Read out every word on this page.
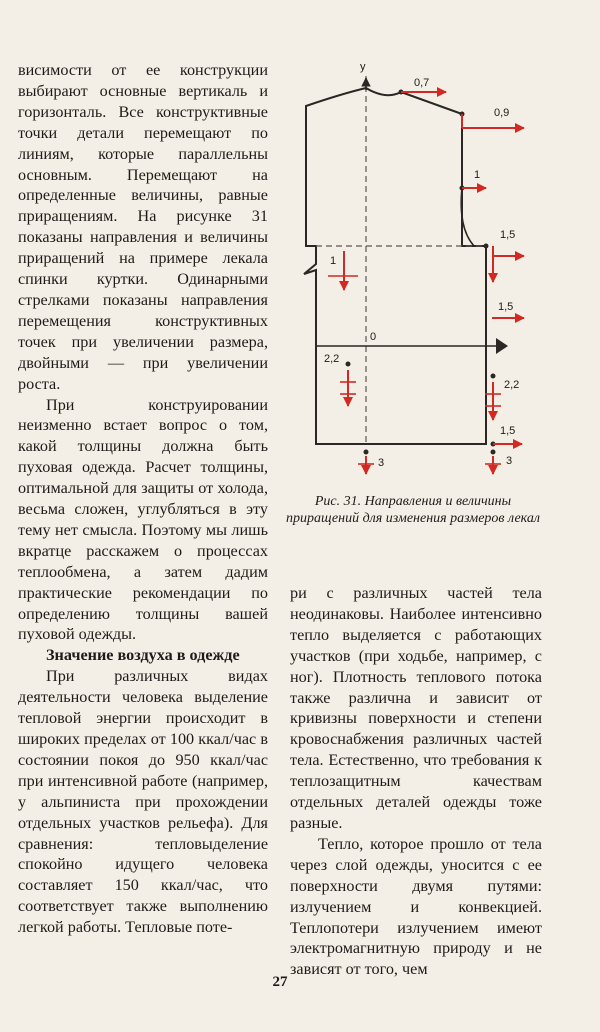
висимости от ее конструкции выбирают основные вертикаль и горизонталь. Все конструктивные точки детали перемещают по линиям, которые параллельны основным. Перемещают на определенные величины, равные приращениям. На рисунке 31 показаны направления и величины приращений на примере лекала спинки куртки. Одинарными стрелками показаны направления перемещения конструктивных точек при увеличении размера, двойными — при увеличении роста.

При конструировании неизменно встает вопрос о том, какой толщины должна быть пуховая одежда. Расчет толщины, оптимальной для защиты от холода, весьма сложен, углубляться в эту тему нет смысла. Поэтому мы лишь вкратце расскажем о процессах теплообмена, а затем дадим практические рекомендации по определению толщины вашей пуховой одежды.

Значение воздуха в одежде

При различных видах деятельности человека выделение тепловой энергии происходит в широких пределах от 100 ккал/час в состоянии покоя до 950 ккал/час при интенсивной работе (например, у альпиниста при прохождении отдельных участков рельефа). Для сравнения: тепловыделение спокойно идущего человека составляет 150 ккал/час, что соответствует также выполнению легкой работы. Тепловые поте-

у
0
0,7
0,9
1
1,5
1
1,5
2,2
2,2
1,5
3	3
Рис. 31. Направления и величины приращений для изменения размеров лекал

ри с различных частей тела неодинаковы. Наиболее интенсивно тепло выделяется с работающих участков (при ходьбе, например, с ног). Плотность теплового потока также различна и зависит от кривизны поверхности и степени кровоснабжения различных частей тела. Естественно, что требования к теплозащитным качествам отдельных деталей одежды тоже разные.

Тепло, которое прошло от тела через слой одежды, уносится с ее поверхности двумя путями: излучением и конвекцией. Теплопотери излучением имеют электромагнитную природу и не зависят от того, чем

27
